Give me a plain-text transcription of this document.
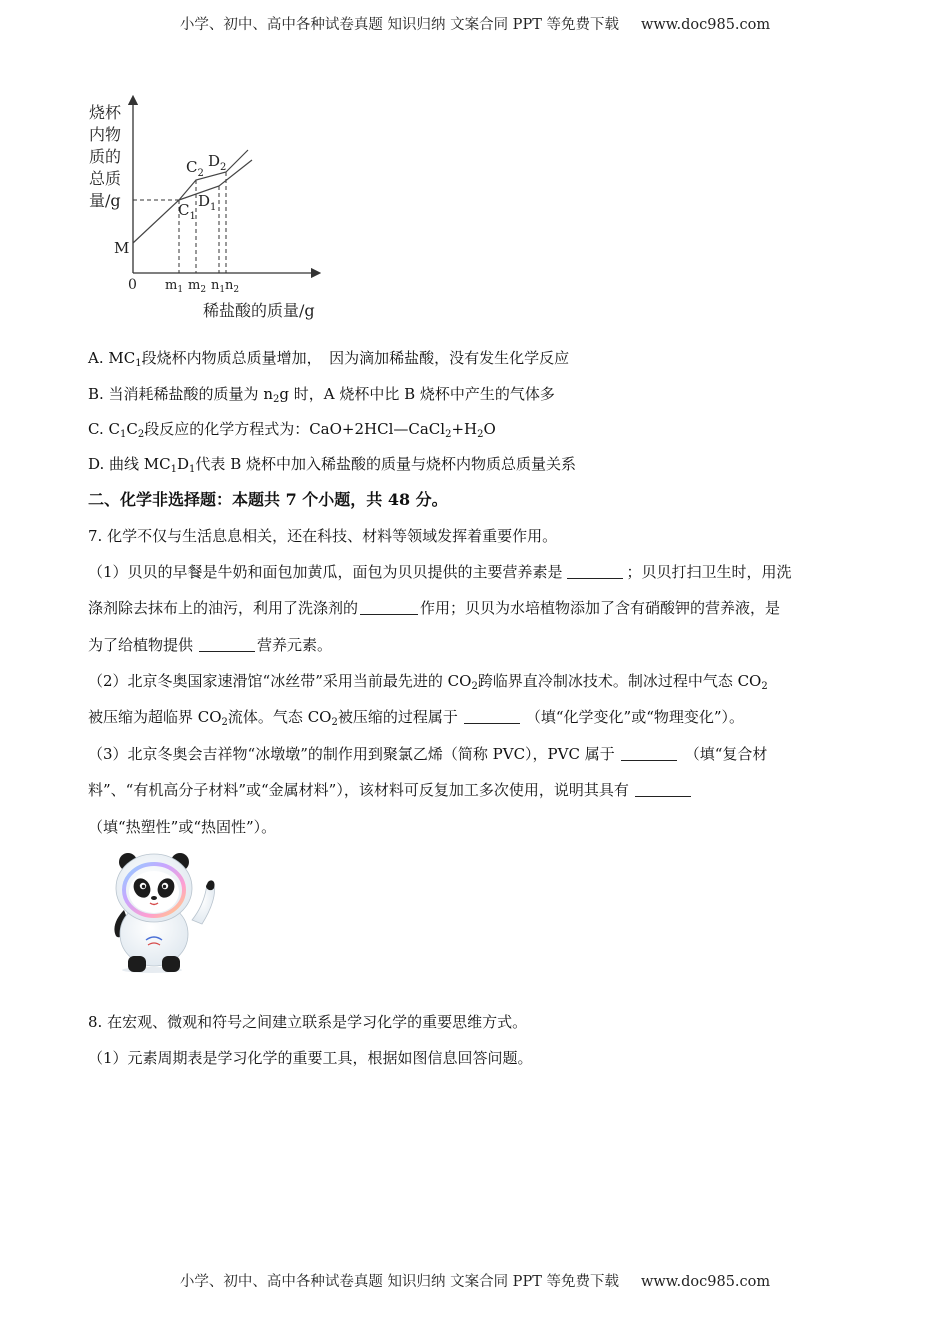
小学、初中、高中各种试卷真题 知识归纳 文案合同 PPT 等免费下载 www.doc985.com
烧杯
内物
质的
总质
量/g
M
0
$C_2$
$D_2$
$C_1$
$D_1$
$m_1$ $m_2$ $n_1$ $n_2$
稀盐酸的质量/g
A. $MC_1$段烧杯内物质总质量增加，　因为滴加稀盐酸，没有发生化学反应
B. 当消耗稀盐酸的质量为 $n_2g$ 时，A 烧杯中比 B 烧杯中产生的气体多
C. $C_1C_2$段反应的化学方程式为：$CaO+2HCl—CaCl_2+H_2O$
D. 曲线 $MC_1D_1$代表 B 烧杯中加入稀盐酸的质量与烧杯内物质总质量关系
二、化学非选择题：本题共 7 个小题，共 48 分。
7. 化学不仅与生活息息相关，还在科技、材料等领域发挥着重要作用。
（1）贝贝的早餐是牛奶和面包加黄瓜，面包为贝贝提供的主要营养素是	；贝贝打扫卫生时，用洗
涤剂除去抹布上的油污，利用了洗涤剂的	作用；贝贝为水培植物添加了含有硝酸钾的营养液，是
为了给植物提供	营养元素。
（2）北京冬奥国家速滑馆“冰丝带”采用当前最先进的 $CO_2$跨临界直冷制冰技术。制冰过程中气态 $CO_2$
被压缩为超临界 $CO_2$流体。气态 $CO_2$被压缩的过程属于	（填“化学变化”或“物理变化”）。
（3）北京冬奥会吉祥物“冰墩墩”的制作用到聚氯乙烯（简称 PVC），PVC 属于	（填“复合材
料”、“有机高分子材料”或“金属材料”），该材料可反复加工多次使用，说明其具有
（填“热塑性”或“热固性”）。
8. 在宏观、微观和符号之间建立联系是学习化学的重要思维方式。
（1）元素周期表是学习化学的重要工具，根据如图信息回答问题。
小学、初中、高中各种试卷真题 知识归纳 文案合同 PPT 等免费下载 www.doc985.com
